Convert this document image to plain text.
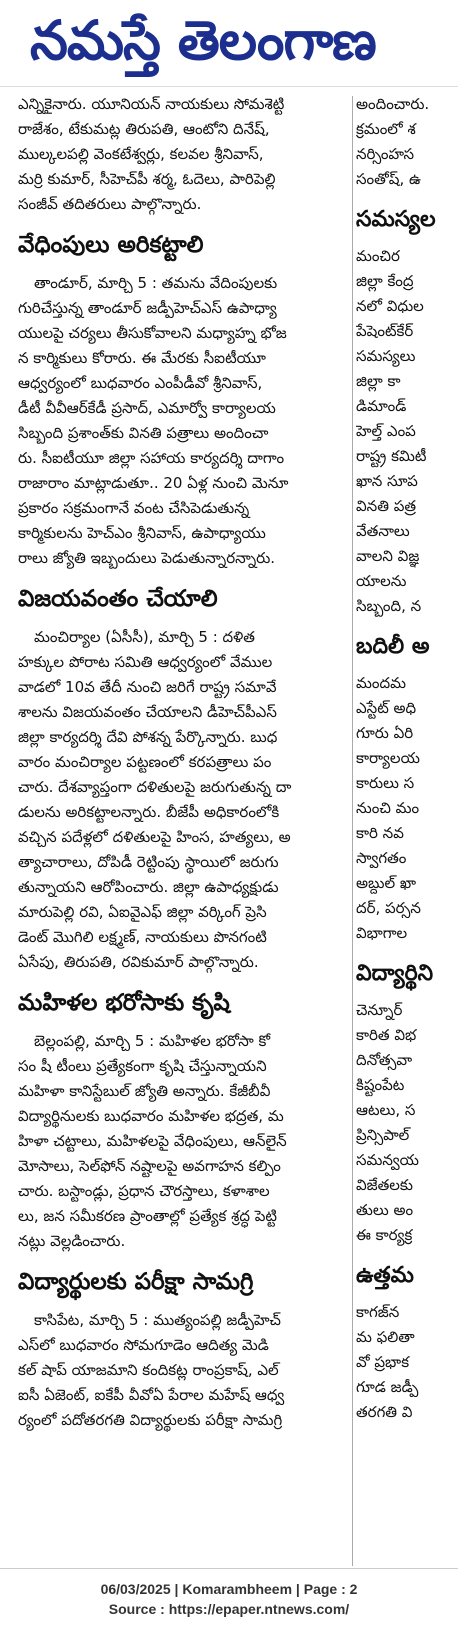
నమస్తే తెలంగాణ

ఎన్నికైనారు. యూనియన్ నాయకులు సోమశెట్టి

రాజేశం, టేకుమట్ల తిరుపతి, ఆంటోని దినేష్,

ముల్కలపల్లి వెంకటేశ్వర్లు, కలవల శ్రీనివాస్,

మర్రి కుమార్, సీహెచ్‌పీ శర్మ, ఓదెలు, పారిపెల్లి

సంజీవ్ తదితరులు పాల్గొన్నారు.

వేధింపులు అరికట్టాలి

తాండూర్, మార్చి 5 : తమను వేదింపులకు

గురిచేస్తున్న తాండూర్ జడ్పీహెచ్ఎస్ ఉపాధ్యా

యులపై చర్యలు తీసుకోవాలని మధ్యాహ్న భోజ

న కార్మికులు కోరారు. ఈ మేరకు సీఐటీయూ

ఆధ్వర్యంలో బుధవారం ఎంపీడీవో శ్రీనివాస్,

డీటీ వీవీఆర్‌కేడీ ప్రసాద్, ఎమార్వో కార్యాలయ

సిబ్బంది ప్రశాంత్‌కు వినతి పత్రాలు అందించా

రు. సీఐటీయూ జిల్లా సహాయ కార్యదర్శి దాగాం

రాజారాం మాట్లాడుతూ.. 20 ఏళ్ల నుంచి మెనూ

ప్రకారం సక్రమంగానే వంట చేసిపెడుతున్న

కార్మికులను హెచ్ఎం శ్రీనివాస్, ఉపాధ్యాయు

రాలు జ్యోతి ఇబ్బందులు పెడుతున్నారన్నారు.

విజయవంతం చేయాలి

మంచిర్యాల (ఏసీసీ), మార్చి 5 : దళిత

హక్కుల పోరాట సమితి ఆధ్వర్యంలో వేముల

వాడలో 10వ తేదీ నుంచి జరిగే రాష్ట్ర సమావే

శాలను విజయవంతం చేయాలని డీహెచ్‌పీఎస్

జిల్లా కార్యదర్శి దేవి పోశన్న పేర్కొన్నారు. బుధ

వారం మంచిర్యాల పట్టణంలో కరపత్రాలు పం

చారు. దేశవ్యాప్తంగా దళితులపై జరుగుతున్న దా

డులను అరికట్టాలన్నారు. బీజేపీ అధికారంలోకి

వచ్చిన పదేళ్లలో దళితులపై హింస, హత్యలు, అ

త్యాచారాలు, దోపిడీ రెట్టింపు స్థాయిలో జరుగు

తున్నాయని ఆరోపించారు. జిల్లా ఉపాధ్యక్షుడు

మారుపెల్లి రవి, ఏఐవైఎఫ్ జిల్లా వర్కింగ్ ప్రెసి

డెంట్ మొగిలి లక్ష్మణ్, నాయకులు పొనగంటి

ఏసేపు, తిరుపతి, రవికుమార్ పాల్గొన్నారు.

మహిళల భరోసాకు కృషి

బెల్లంపల్లి, మార్చి 5 : మహిళల భరోసా కో

సం షీ టీంలు ప్రత్యేకంగా కృషి చేస్తున్నాయని

మహిళా కానిస్టేబుల్ జ్యోతి అన్నారు. కేజీబీవీ

విద్యార్థినులకు బుధవారం మహిళల భద్రత, మ

హిళా చట్టాలు, మహిళలపై వేధింపులు, ఆన్‌లైన్

మోసాలు, సెల్‌ఫోన్ నష్టాలపై అవగాహన కల్పిం

చారు. బస్టాండ్లు, ప్రధాన చౌరస్తాలు, కళాశాల

లు, జన సమీకరణ ప్రాంతాల్లో ప్రత్యేక శ్రద్ధ పెట్టి

నట్లు వెల్లడించారు.

విద్యార్థులకు పరీక్షా సామగ్రి

కాసిపేట, మార్చి 5 : ముత్యంపల్లి జడ్పీహెచ్

ఎస్‌లో బుధవారం సోమగూడెం ఆదిత్య మెడి

కల్ షాప్ యాజమాని కందికట్ల రాంప్రకాష్, ఎల్

ఐసీ ఏజెంట్, ఐకేపీ వీవోఏ పేరాల మహేష్ ఆధ్వ

ర్యంలో పదోతరగతి విద్యార్థులకు పరీక్షా సామగ్రి

అందించారు.

క్రమంలో శ

నర్సింహస

సంతోష్, ఉ

సమస్యల

మంచిర

జిల్లా కేంద్ర

నలో విధుల

పేషెంట్‌కేర్

సమస్యలు

జిల్లా కా

డిమాండ్

హెల్త్ ఎంప

రాష్ట్ర కమిటీ

ఖాన సూప

వినతి పత్ర

వేతనాలు

వాలని విజ్ఞ

యాలను

సిబ్బంది, న

బదిలీ అ

మందమ

ఎస్టేట్ అధి

గూరు ఏరి

కార్యాలయ

కారులు స

నుంచి మం

కారి నవ

స్వాగతం

అబ్దుల్ ఖా

దర్, పర్సన

విభాగాల

విద్యార్థిని

చెన్నూర్

కారిత విభ

దినోత్సవా

కిష్టంపేట

ఆటలు, స

ప్రిన్సిపాల్

సమన్వయ

విజేతలకు

తులు అం

ఈ కార్యక్ర

ఉత్తమ

కాగజ్‌న

మ ఫలితా

వో ప్రభాక

గూడ జడ్పీ

తరగతి వి

06/03/2025 | Komarambheem | Page : 2
Source : https://epaper.ntnews.com/
